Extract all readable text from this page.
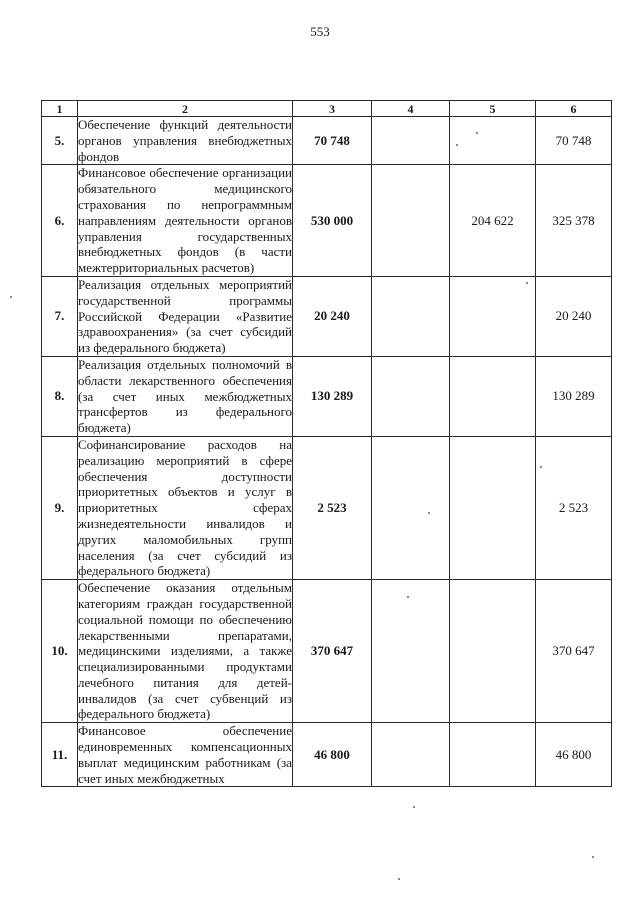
553
1	2	3	4	5	6
5.	Обеспечение функций деятельности органов управления внебюджетных фондов	70 748			70 748
6.	Финансовое обеспечение организации обязательного медицинского страхования по непрограммным направлениям деятельности органов управления государственных внебюджетных фондов (в части межтерриториальных расчетов)	530 000		204 622	325 378
7.	Реализация отдельных мероприятий государственной программы Российской Федерации «Развитие здравоохранения» (за счет субсидий из федерального бюджета)	20 240			20 240
8.	Реализация отдельных полномочий в области лекарственного обеспечения (за счет иных межбюджетных трансфертов из федерального бюджета)	130 289			130 289
9.	Софинансирование расходов на реализацию мероприятий в сфере обеспечения доступности приоритетных объектов и услуг в приоритетных сферах жизнедеятельности инвалидов и других маломобильных групп населения (за счет субсидий из федерального бюджета)	2 523			2 523
10.	Обеспечение оказания отдельным категориям граждан государственной социальной помощи по обеспечению лекарственными препаратами, медицинскими изделиями, а также специализированными продуктами лечебного питания для детей-инвалидов (за счет субвенций из федерального бюджета)	370 647			370 647
11.	Финансовое обеспечение единовременных компенсационных выплат медицинским работникам (за счет иных межбюджетных	46 800			46 800
